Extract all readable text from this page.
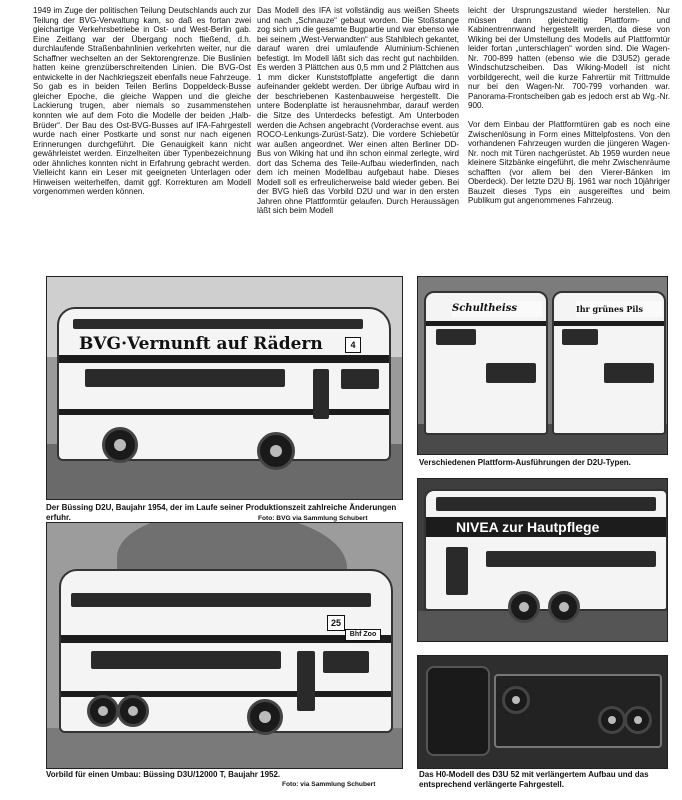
1949 im Zuge der politischen Teilung Deutschlands auch zur Teilung der BVG-Verwaltung kam, so daß es fortan zwei gleichartige Verkehrsbetriebe in Ost- und West-Berlin gab. Eine Zeitlang war der Übergang noch fließend, d.h. durchlaufende Straßenbahnlinien verkehrten weiter, nur die Schaffner wechselten an der Sektorengrenze. Die Buslinien hatten keine grenzüberschreitenden Linien. Die BVG-Ost entwickelte in der Nachkriegszeit ebenfalls neue Fahrzeuge. So gab es in beiden Teilen Berlins Doppeldeck-Busse gleicher Epoche, die gleiche Wappen und die gleiche Lackierung trugen, aber niemals so zusammenstehen konnten wie auf dem Foto die Modelle der beiden „Halb-Brüder“. Der Bau des Ost-BVG-Busses auf IFA-Fahrgestell wurde nach einer Postkarte und sonst nur nach eigenen Erinnerungen durchgeführt. Die Genauigkeit kann nicht gewährleistet werden. Einzelheiten über Typenbezeichnung oder ähnliches konnten nicht in Erfahrung gebracht werden. Vielleicht kann ein Leser mit geeigneten Unterlagen oder Hinweisen weiterhelfen, damit ggf. Korrekturen am Modell vorgenommen werden können.

Das Modell des IFA ist vollständig aus weißen Sheets und nach „Schnauze“ gebaut worden. Die Stoßstange zog sich um die gesamte Bugpartie und war ebenso wie bei seinem „West-Verwandten“ aus Stahlblech gekantet, darauf waren drei umlaufende Aluminium-Schienen befestigt. Im Modell läßt sich das recht gut nachbilden. Es werden 3 Plättchen aus 0,5 mm und 2 Plättchen aus 1 mm dicker Kunststoffplatte angefertigt die dann aufeinander geklebt werden. Der übrige Aufbau wird in der beschriebenen Kastenbauweise hergestellt. Die untere Bodenplatte ist herausnehmbar, darauf werden die Sitze des Unterdecks befestigt. Am Unterboden werden die Achsen angebracht (Vorderachse event. aus ROCO-Lenkungs-Zurüst-Satz). Die vordere Schiebetür war außen angeordnet. Wer einen alten Berliner DD-Bus von Wiking hat und ihn schon einmal zerlegte, wird dort das Schema des Teile-Aufbau wiederfinden, nach dem ich meinen Modellbau aufgebaut habe. Dieses Modell soll es erfreulicherweise bald wieder geben. Bei der BVG hieß das Vorbild D2U und war in den ersten Jahren ohne Plattformtür gelaufen. Durch Heraussägen läßt sich beim Modell

leicht der Ursprungszustand wieder herstellen. Nur müssen dann gleichzeitig Plattform- und Kabinentrennwand hergestellt werden, da diese von Wiking bei der Umstellung des Modells auf Plattformtür leider fortan „unterschlagen“ worden sind. Die Wagen-Nr. 700-899 hatten (ebenso wie die D3U52) gerade Windschutzscheiben. Das Wiking-Modell ist nicht vorbildgerecht, weil die kurze Fahrertür mit Trittmulde nur bei den Wagen-Nr. 700-799 vorhanden war. Panorama-Frontscheiben gab es jedoch erst ab Wg.-Nr. 900.

Vor dem Einbau der Plattformtüren gab es noch eine Zwischenlösung in Form eines Mittelpfostens. Von den vorhandenen Fahrzeugen wurden die jüngeren Wagen-Nr. noch mit Türen nachgerüstet. Ab 1959 wurden neue kleinere Sitzbänke eingeführt, die mehr Zwischenräume schafften (vor allem bei den Vierer-Bänken im Oberdeck). Der letzte D2U Bj. 1961 war noch 10jähriger Bauzeit dieses Typs ein ausgereiftes und beim Publikum gut angenommenes Fahrzeug.

BVG·Vernunft auf Rädern	4
Der Büssing D2U, Baujahr 1954, der im Laufe seiner Produktionszeit zahlreiche Änderungen erfuhr.	Foto: BVG via Sammlung Schubert
Schultheiss	Ihr grünes Pils
Verschiedenen Plattform-Ausführungen der D2U-Typen.
25
Bhf Zoo
Vorbild für einen Umbau: Büssing D3U/12000 T, Baujahr 1952.
Foto: via Sammlung Schubert
NIVEA zur Hautpflege
Das H0-Modell des D3U 52 mit verlängertem Aufbau und das entsprechend verlängerte Fahrgestell.
